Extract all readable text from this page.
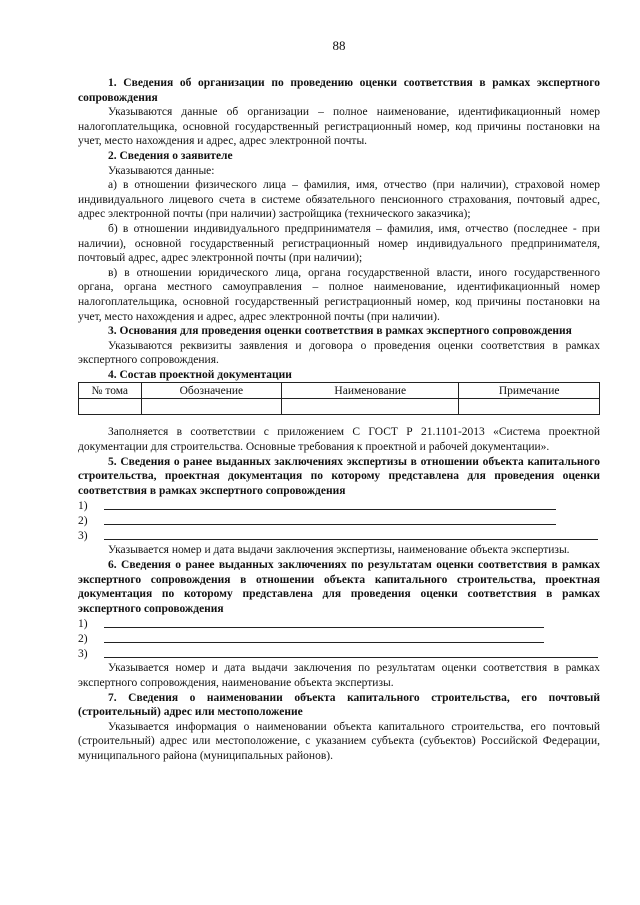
88

1. Сведения об организации по проведению оценки соответствия в рамках экспертного сопровождения

Указываются данные об организации – полное наименование, идентификационный номер налогоплательщика, основной государственный регистрационный номер, код причины постановки на учет, место нахождения и адрес, адрес электронной почты.

2. Сведения о заявителе

Указываются данные:

а) в отношении физического лица – фамилия, имя, отчество (при наличии), страховой номер индивидуального лицевого счета в системе обязательного пенсионного страхования, почтовый адрес, адрес электронной почты (при наличии) застройщика (технического заказчика);

б) в отношении индивидуального предпринимателя – фамилия, имя, отчество (последнее - при наличии), основной государственный регистрационный номер индивидуального предпринимателя, почтовый адрес, адрес электронной почты (при наличии);

в) в отношении юридического лица, органа государственной власти, иного государственного органа, органа местного самоуправления – полное наименование, идентификационный номер налогоплательщика, основной государственный регистрационный номер, код причины постановки на учет, место нахождения и адрес, адрес электронной почты (при наличии).

3. Основания для проведения оценки соответствия в рамках экспертного сопровождения

Указываются реквизиты заявления и договора о проведения оценки соответствия в рамках экспертного сопровождения.

4. Состав проектной документации

№ тома	Обозначение	Наименование	Примечание

Заполняется в соответствии с приложением С ГОСТ Р 21.1101-2013 «Система проектной документации для строительства. Основные требования к проектной и рабочей документации».

5. Сведения о ранее выданных заключениях экспертизы в отношении объекта капитального строительства, проектная документация по которому представлена для проведения оценки соответствия в рамках экспертного сопровождения

1)
2)
3)

Указывается номер и дата выдачи заключения экспертизы, наименование объекта экспертизы.

6. Сведения о ранее выданных заключениях по результатам оценки соответствия в рамках экспертного сопровождения в отношении объекта капитального строительства, проектная документация по которому представлена для проведения оценки соответствия в рамках экспертного сопровождения

1)
2)
3)

Указывается номер и дата выдачи заключения по результатам оценки соответствия в рамках экспертного сопровождения, наименование объекта экспертизы.

7. Сведения о наименовании объекта капитального строительства, его почтовый (строительный) адрес или местоположение

Указывается информация о наименовании объекта капитального строительства, его почтовый (строительный) адрес или местоположение, с указанием субъекта (субъектов) Российской Федерации, муниципального района (муниципальных районов).
